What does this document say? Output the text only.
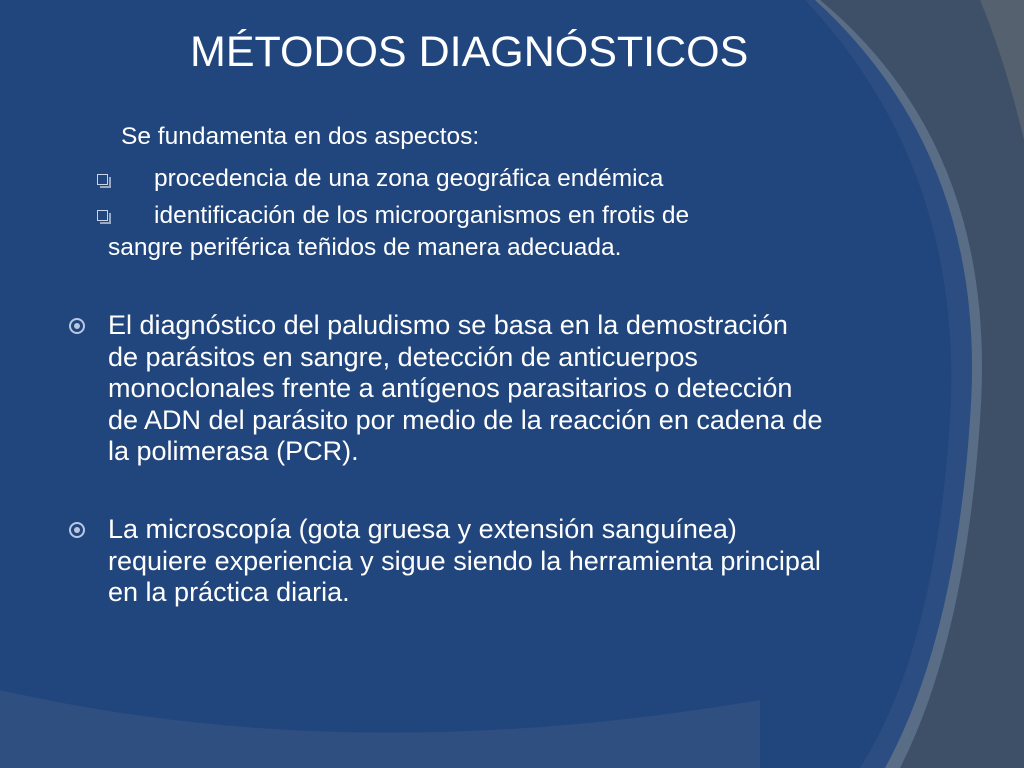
MÉTODOS DIAGNÓSTICOS
Se fundamenta en dos aspectos:
procedencia de una zona geográfica endémica
identificación de los microorganismos en frotis de
sangre periférica teñidos de manera adecuada.
El diagnóstico del paludismo se basa en la demostración
de parásitos en sangre, detección de anticuerpos
monoclonales frente a antígenos parasitarios o detección
de ADN del parásito por medio de la reacción en cadena de
la polimerasa (PCR).
La microscopía (gota gruesa y extensión sanguínea)
requiere experiencia y sigue siendo la herramienta principal
en la práctica diaria.
